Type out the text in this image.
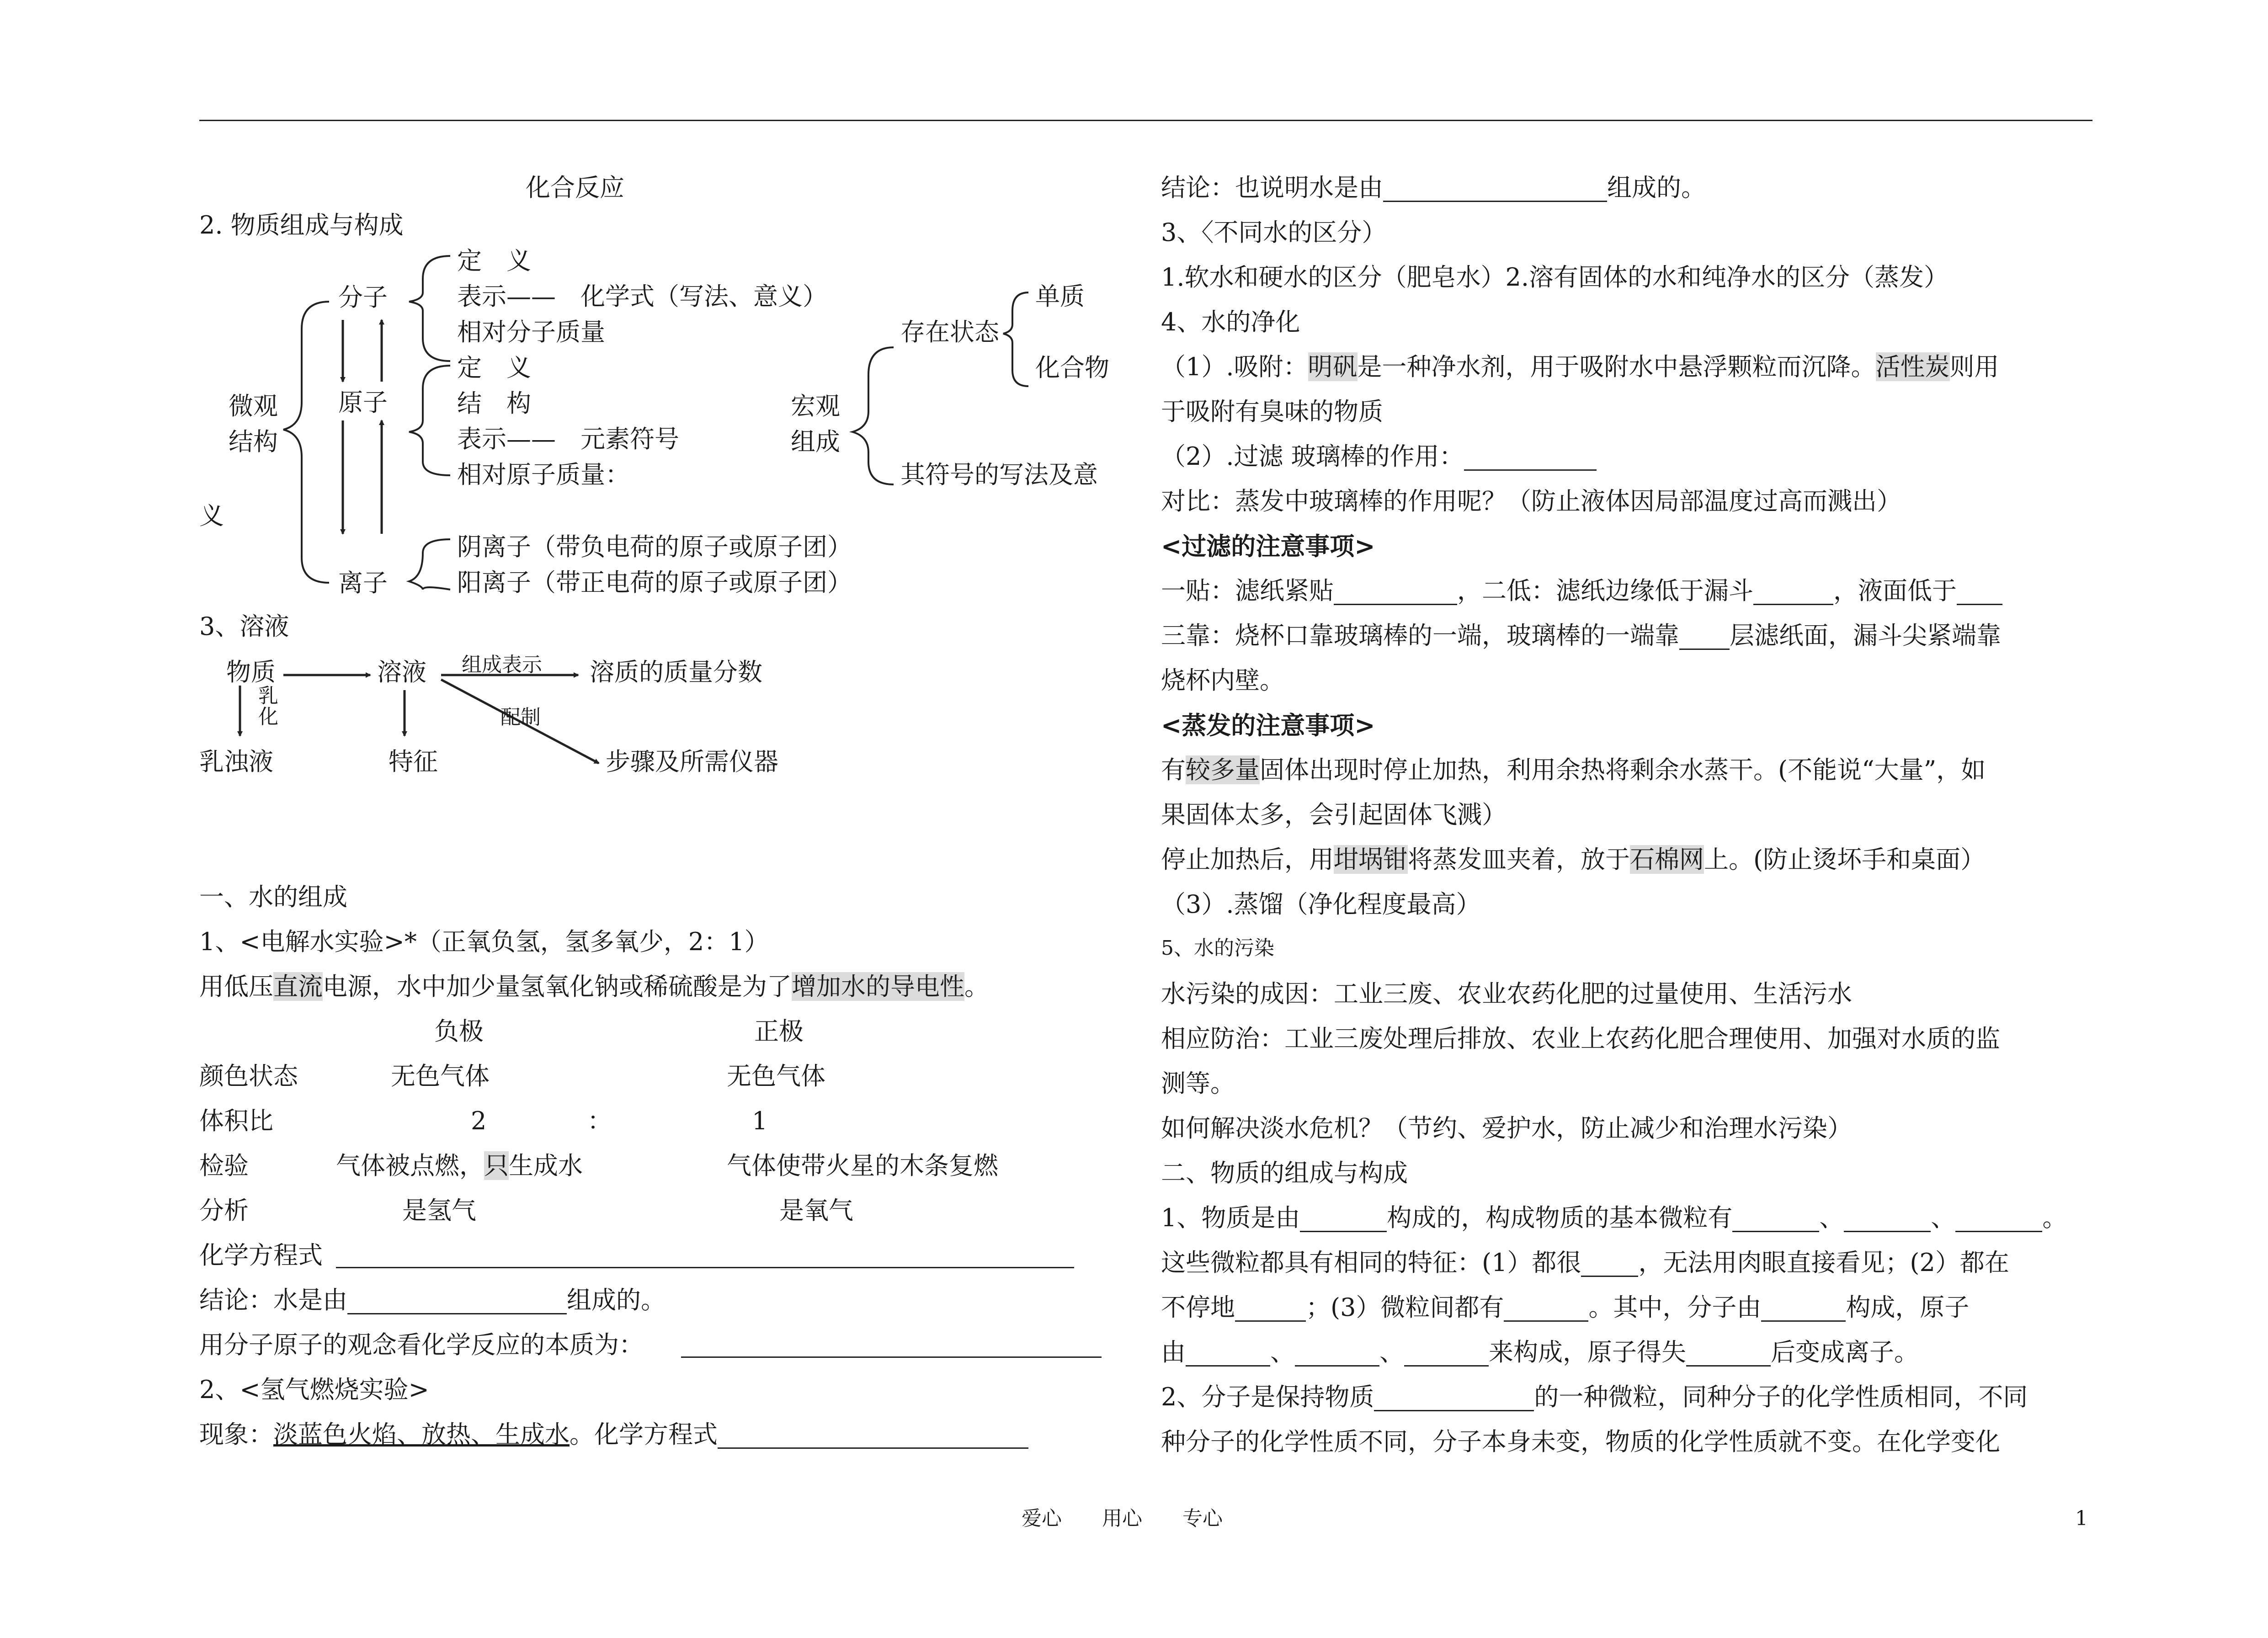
化合反应
2. 物质组成与构成
微观
结构
义
分子
原子
离子
定　义
表示——　化学式（写法、意义）
相对分子质量
定　义
结　构
表示——　元素符号
相对原子质量：
阴离子（带负电荷的原子或原子团）
阳离子（带正电荷的原子或原子团）
宏观
组成
存在状态
单质
化合物
其符号的写法及意
3、溶液
物质	溶液
乳
化
乳浊液	特征
组成表示 溶质的质量分数
配制
步骤及所需仪器
一、水的组成
1、<电解水实验>*（正氧负氢，氢多氧少，2：1）
用低压直流电源，水中加少量氢氧化钠或稀硫酸是为了增加水的导电性。
负极	正极
颜色状态	无色气体	无色气体
体积比	2	：	1
检验	气体被点燃，只生成水	气体使带火星的木条复燃
分析	是氢气	是氧气
化学方程式
结论：水是由	组成的。
用分子原子的观念看化学反应的本质为：
2、<氢气燃烧实验>
现象：淡蓝色火焰、放热、生成水。化学方程式
结论：也说明水是由	组成的。
3、〈不同水的区分）
1.软水和硬水的区分（肥皂水）2.溶有固体的水和纯净水的区分（蒸发）
4、水的净化
（1）.吸附：明矾是一种净水剂，用于吸附水中悬浮颗粒而沉降。活性炭则用
于吸附有臭味的物质
（2）.过滤 玻璃棒的作用：
对比：蒸发中玻璃棒的作用呢？（防止液体因局部温度过高而溅出）
<过滤的注意事项>
一贴：滤纸紧贴	，二低：滤纸边缘低于漏斗	，液面低于
三靠：烧杯口靠玻璃棒的一端，玻璃棒的一端靠 层滤纸面，漏斗尖紧端靠
烧杯内壁。
<蒸发的注意事项>
有较多量固体出现时停止加热，利用余热将剩余水蒸干。(不能说“大量”，如
果固体太多，会引起固体飞溅）
停止加热后，用坩埚钳将蒸发皿夹着，放于石棉网上。(防止烫坏手和桌面）
（3）.蒸馏（净化程度最高）
5、水的污染
水污染的成因：工业三废、农业农药化肥的过量使用、生活污水
相应防治：工业三废处理后排放、农业上农药化肥合理使用、加强对水质的监
测等。
如何解决淡水危机？（节约、爱护水，防止减少和治理水污染）
二、物质的组成与构成
1、物质是由	构成的，构成物质的基本微粒有	、	、	。
这些微粒都具有相同的特征：(1）都很 ，无法用肉眼直接看见；(2）都在
不停地	；(3）微粒间都有	。其中，分子由	构成，原子
由	、	、	来构成，原子得失	后变成离子。
2、分子是保持物质	的一种微粒，同种分子的化学性质相同，不同
种分子的化学性质不同，分子本身未变，物质的化学性质就不变。在化学变化
爱心　　用心　　专心	1
